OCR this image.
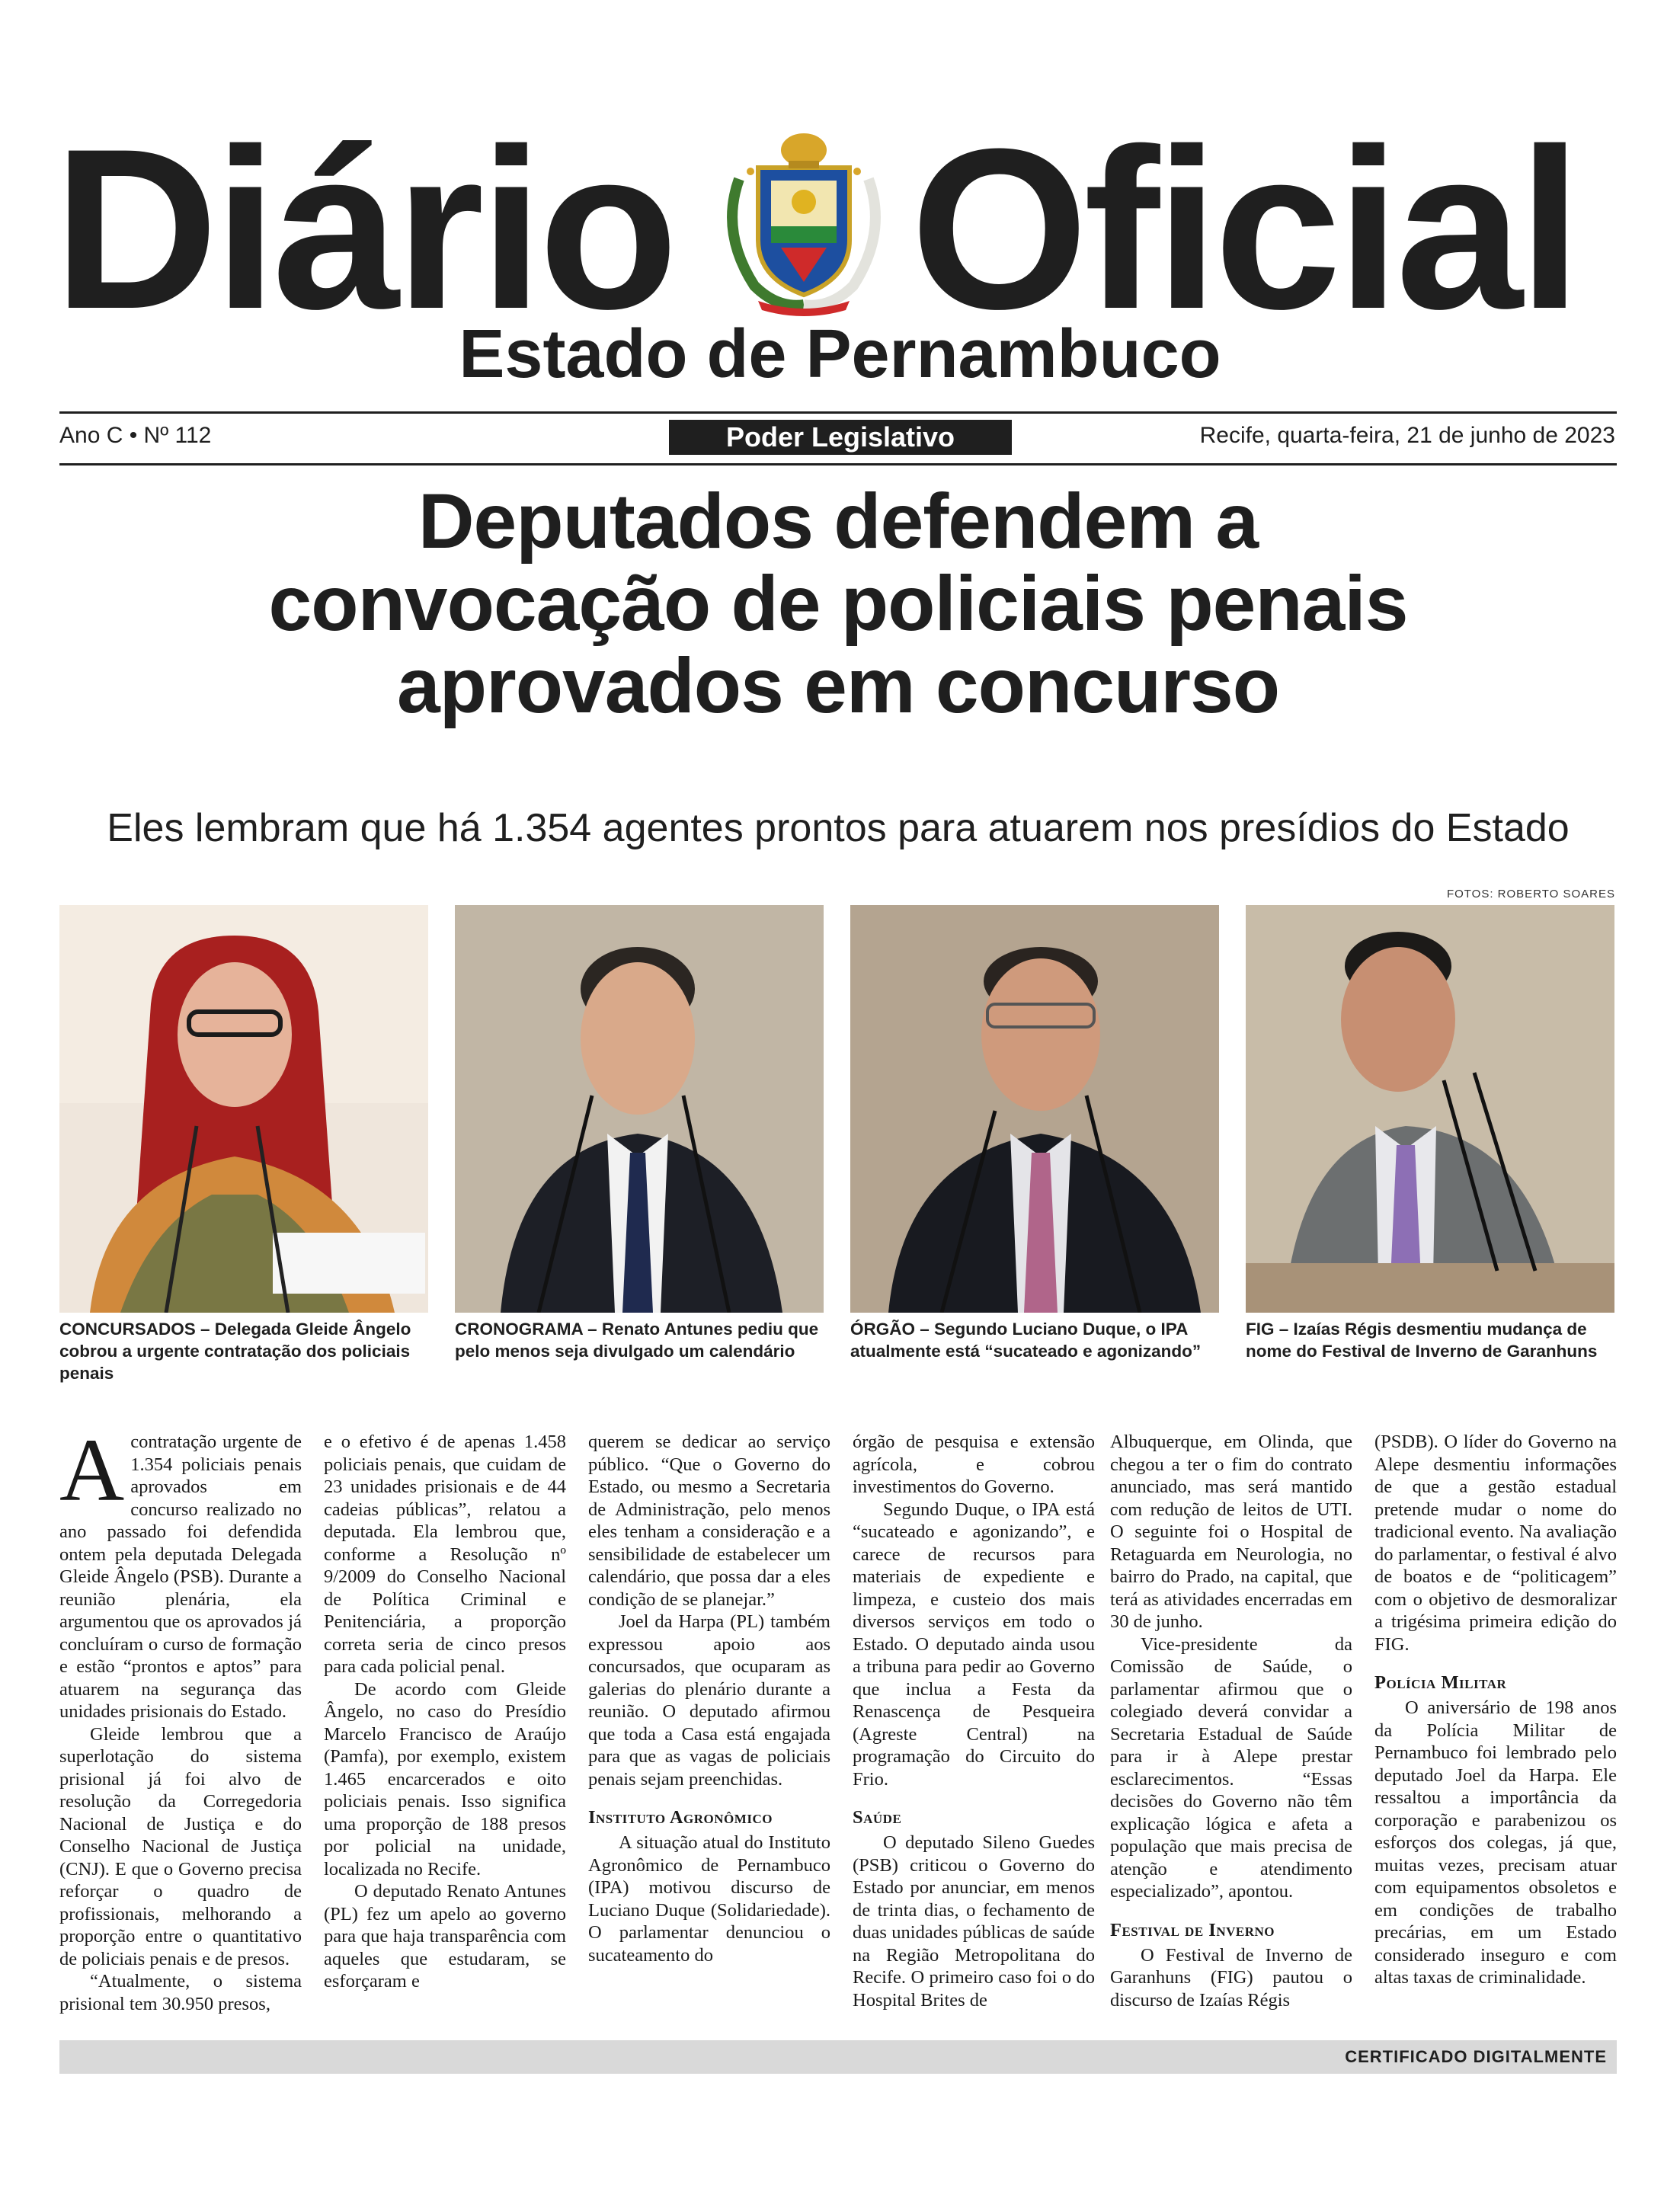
Diário Oficial
Estado de Pernambuco
Ano C • Nº 112	Poder Legislativo	Recife, quarta-feira, 21 de junho de 2023
Deputados defendem a
convocação de policiais penais
aprovados em concurso
Eles lembram que há 1.354 agentes prontos para atuarem nos presídios do Estado
FOTOS: ROBERTO SOARES
CONCURSADOS – Delegada Gleide Ângelo cobrou a urgente contratação dos policiais penais
CRONOGRAMA – Renato Antunes pediu que pelo menos seja divulgado um calendário
ÓRGÃO – Segundo Luciano Duque, o IPA atualmente está “sucateado e agonizando”
FIG – Izaías Régis desmentiu mudança de nome do Festival de Inverno de Garanhuns

Acontratação urgente de 1.354 policiais penais aprovados em concurso realizado no ano passado foi defendida ontem pela deputada Delegada Gleide Ângelo (PSB). Durante a reunião plenária, ela argumentou que os aprovados já concluíram o curso de formação e estão “prontos e aptos” para atuarem na segurança das unidades prisionais do Estado.

Gleide lembrou que a superlotação do sistema prisional já foi alvo de resolução da Corregedoria Nacional de Justiça e do Conselho Nacional de Justiça (CNJ). E que o Governo precisa reforçar o quadro de profissionais, melhorando a proporção entre o quantitativo de policiais penais e de presos.

“Atualmente, o sistema prisional tem 30.950 presos,

e o efetivo é de apenas 1.458 policiais penais, que cuidam de 23 unidades prisionais e de 44 cadeias públicas”, relatou a deputada. Ela lembrou que, conforme a Resolução nº 9/2009 do Conselho Nacional de Política Criminal e Penitenciária, a proporção correta seria de cinco presos para cada policial penal.

De acordo com Gleide Ângelo, no caso do Presídio Marcelo Francisco de Araújo (Pamfa), por exemplo, existem 1.465 encarcerados e oito policiais penais. Isso significa uma proporção de 188 presos por policial na unidade, localizada no Recife.

O deputado Renato Antunes (PL) fez um apelo ao governo para que haja transparência com aqueles que estudaram, se esforçaram e

querem se dedicar ao serviço público. “Que o Governo do Estado, ou mesmo a Secretaria de Administração, pelo menos eles tenham a consideração e a sensibilidade de estabelecer um calendário, que possa dar a eles condição de se planejar.”

Joel da Harpa (PL) também expressou apoio aos concursados, que ocuparam as galerias do plenário durante a reunião. O deputado afirmou que toda a Casa está engajada para que as vagas de policiais penais sejam preenchidas.

Instituto Agronômico

A situação atual do Instituto Agronômico de Pernambuco (IPA) motivou discurso de Luciano Duque (Solidariedade). O parlamentar denunciou o sucateamento do

órgão de pesquisa e extensão agrícola, e cobrou investimentos do Governo.

Segundo Duque, o IPA está “sucateado e agonizando”, e carece de recursos para materiais de expediente e limpeza, e custeio dos mais diversos serviços em todo o Estado. O deputado ainda usou a tribuna para pedir ao Governo que inclua a Festa da Renascença de Pesqueira (Agreste Central) na programação do Circuito do Frio.

Saúde

O deputado Sileno Guedes (PSB) criticou o Governo do Estado por anunciar, em menos de trinta dias, o fechamento de duas unidades públicas de saúde na Região Metropolitana do Recife. O primeiro caso foi o do Hospital Brites de

Albuquerque, em Olinda, que chegou a ter o fim do contrato anunciado, mas será mantido com redução de leitos de UTI. O seguinte foi o Hospital de Retaguarda em Neurologia, no bairro do Prado, na capital, que terá as atividades encerradas em 30 de junho.

Vice-presidente da Comissão de Saúde, o parlamentar afirmou que o colegiado deverá convidar a Secretaria Estadual de Saúde para ir à Alepe prestar esclarecimentos. “Essas decisões do Governo não têm explicação lógica e afeta a população que mais precisa de atenção e atendimento especializado”, apontou.

Festival de Inverno

O Festival de Inverno de Garanhuns (FIG) pautou o discurso de Izaías Régis

(PSDB). O líder do Governo na Alepe desmentiu informações de que a gestão estadual pretende mudar o nome do tradicional evento. Na avaliação do parlamentar, o festival é alvo de boatos e de “politicagem” com o objetivo de desmoralizar a trigésima primeira edição do FIG.

Polícia Militar

O aniversário de 198 anos da Polícia Militar de Pernambuco foi lembrado pelo deputado Joel da Harpa. Ele ressaltou a importância da corporação e parabenizou os esforços dos colegas, já que, muitas vezes, precisam atuar com equipamentos obsoletos e em condições de trabalho precárias, em um Estado considerado inseguro e com altas taxas de criminalidade.

CERTIFICADO DIGITALMENTE
